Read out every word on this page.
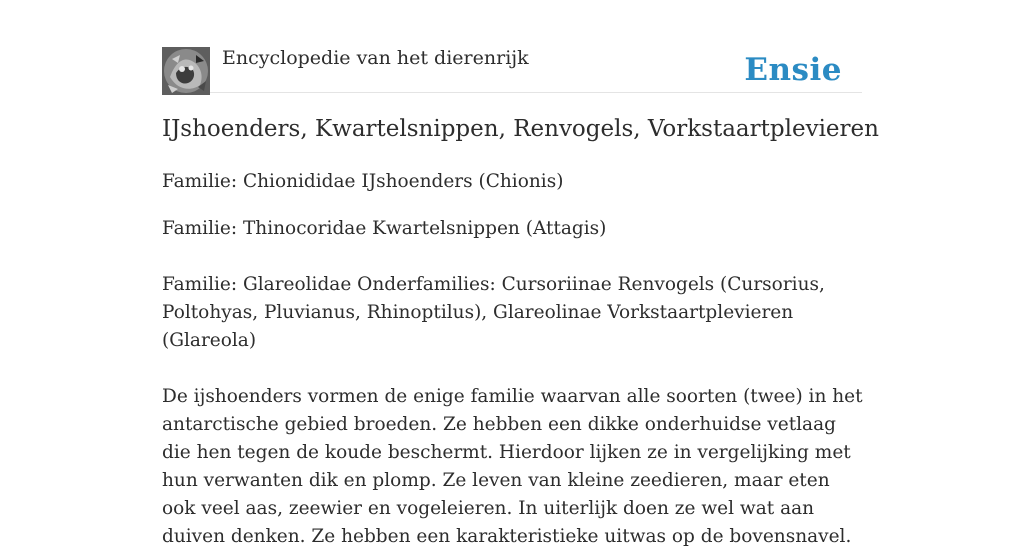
Encyclopedie van het dierenrijk	Ensie
IJshoenders, Kwartelsnippen, Renvogels, Vorkstaartplevieren

Familie: Chionididae IJshoenders (Chionis)

Familie: Thinocoridae Kwartelsnippen (Attagis)

Familie: Glareolidae Onderfamilies: Cursoriinae Renvogels (Cursorius, Poltohyas, Pluvianus, Rhinoptilus), Glareolinae Vorkstaartplevieren (Glareola)

De ijshoenders vormen de enige familie waarvan alle soorten (twee) in het antarctische gebied broeden. Ze hebben een dikke onderhuidse vetlaag die hen tegen de koude beschermt. Hierdoor lijken ze in vergelijking met hun verwanten dik en plomp. Ze leven van kleine zeedieren, maar eten ook veel aas, zeewier en vogeleieren. In uiterlijk doen ze wel wat aan duiven denken. Ze hebben een karakteristieke uitwas op de bovensnavel.
